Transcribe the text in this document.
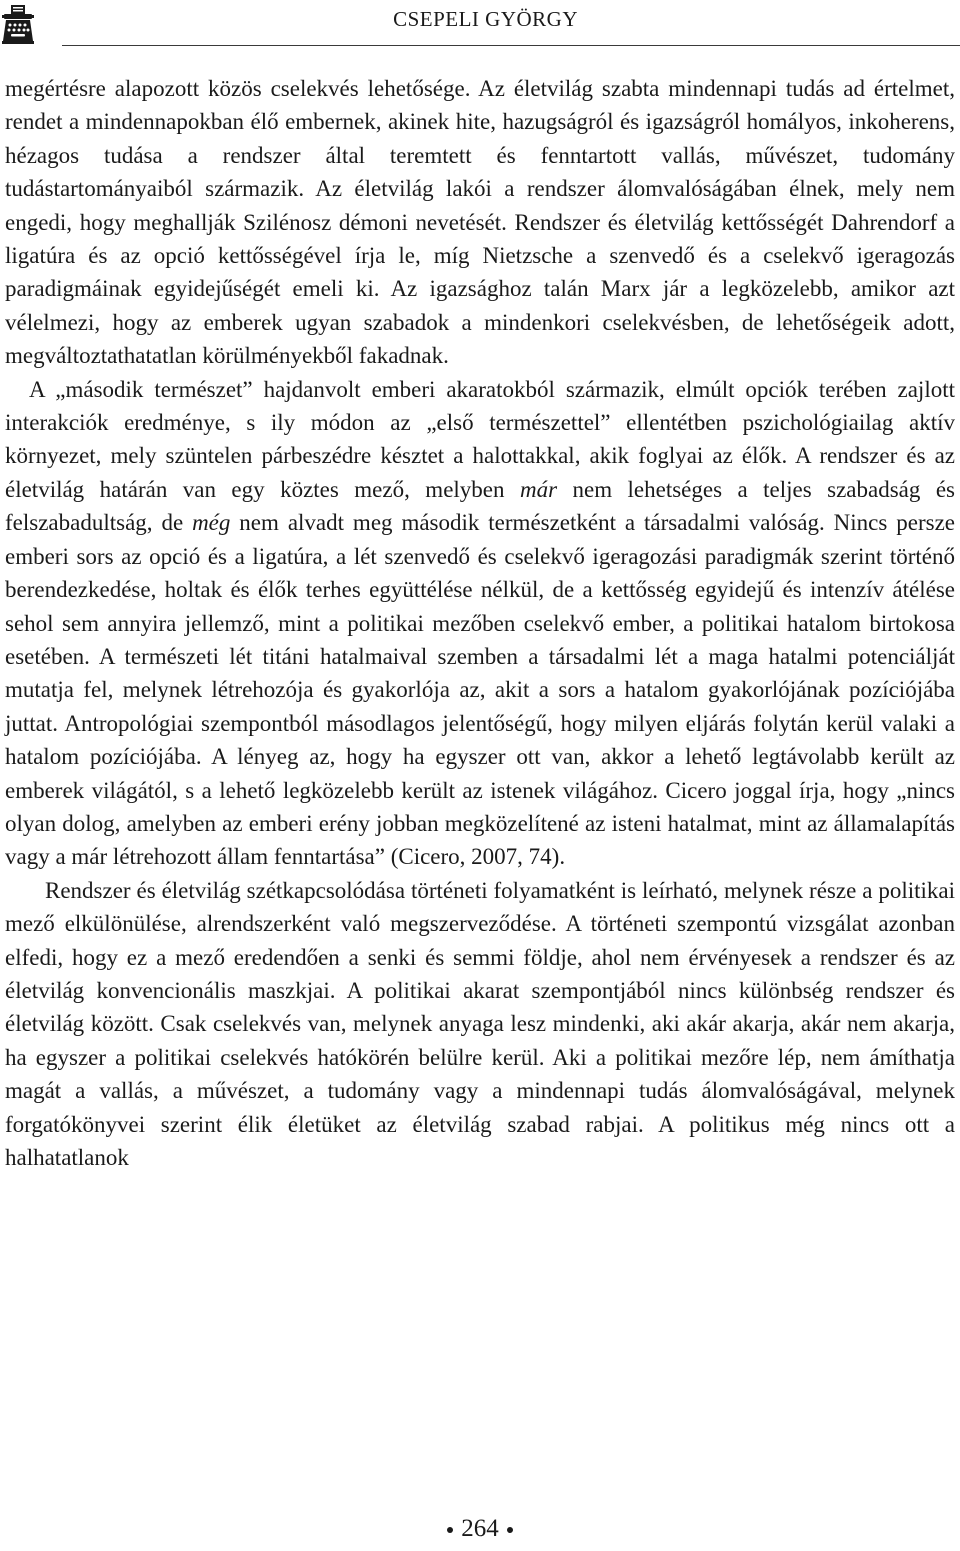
CSEPELI GYÖRGY

megértésre alapozott közös cselekvés lehetősége. Az életvilág szabta mindennapi tudás ad értelmet, rendet a mindennapokban élő embernek, akinek hite, hazugságról és igazságról homályos, inkoherens, hézagos tudása a rendszer által teremtett és fenntartott vallás, művészet, tudomány tudástartományaiból származik. Az életvilág lakói a rendszer álomvalóságában élnek, mely nem engedi, hogy meghallják Szilénosz démoni nevetését. Rendszer és életvilág kettősségét Dahrendorf a ligatúra és az opció kettősségével írja le, míg Nietzsche a szenvedő és a cselekvő igeragozás paradigmáinak egyidejűségét emeli ki. Az igazsághoz talán Marx jár a legközelebb, amikor azt vélelmezi, hogy az emberek ugyan szabadok a mindenkori cselekvésben, de lehetőségeik adott, megváltoztathatatlan körülményekből fakadnak.

A „második természet” hajdanvolt emberi akaratokból származik, elmúlt opciók terében zajlott interakciók eredménye, s ily módon az „első természettel” ellentétben pszichológiailag aktív környezet, mely szüntelen párbeszédre késztet a halottakkal, akik foglyai az élők. A rendszer és az életvilág határán van egy köztes mező, melyben már nem lehetséges a teljes szabadság és felszabadultság, de még nem alvadt meg második természetként a társadalmi valóság. Nincs persze emberi sors az opció és a ligatúra, a lét szenvedő és cselekvő igeragozási paradigmák szerint történő berendezkedése, holtak és élők terhes együttélése nélkül, de a kettősség egyidejű és intenzív átélése sehol sem annyira jellemző, mint a politikai mezőben cselekvő ember, a politikai hatalom birtokosa esetében. A természeti lét titáni hatalmaival szemben a társadalmi lét a maga hatalmi potenciálját mutatja fel, melynek létrehozója és gyakorlója az, akit a sors a hatalom gyakorlójának pozíciójába juttat. Antropológiai szempontból másodlagos jelentőségű, hogy milyen eljárás folytán kerül valaki a hatalom pozíciójába. A lényeg az, hogy ha egyszer ott van, akkor a lehető legtávolabb került az emberek világától, s a lehető legközelebb került az istenek világához. Cicero joggal írja, hogy „nincs olyan dolog, amelyben az emberi erény jobban megközelítené az isteni hatalmat, mint az államalapítás vagy a már létrehozott állam fenntartása” (Cicero, 2007, 74).

Rendszer és életvilág szétkapcsolódása történeti folyamatként is leírható, melynek része a politikai mező elkülönülése, alrendszerként való megszerveződése. A történeti szempontú vizsgálat azonban elfedi, hogy ez a mező eredendően a senki és semmi földje, ahol nem érvényesek a rendszer és az életvilág konvencionális maszkjai. A politikai akarat szempontjából nincs különbség rendszer és életvilág között. Csak cselekvés van, melynek anyaga lesz mindenki, aki akár akarja, akár nem akarja, ha egyszer a politikai cselekvés hatókörén belülre kerül. Aki a politikai mezőre lép, nem ámíthatja magát a vallás, a művészet, a tudomány vagy a mindennapi tudás álomvalóságával, melynek forgatókönyvei szerint élik életüket az életvilág szabad rabjai. A politikus még nincs ott a halhatatlanok

264
